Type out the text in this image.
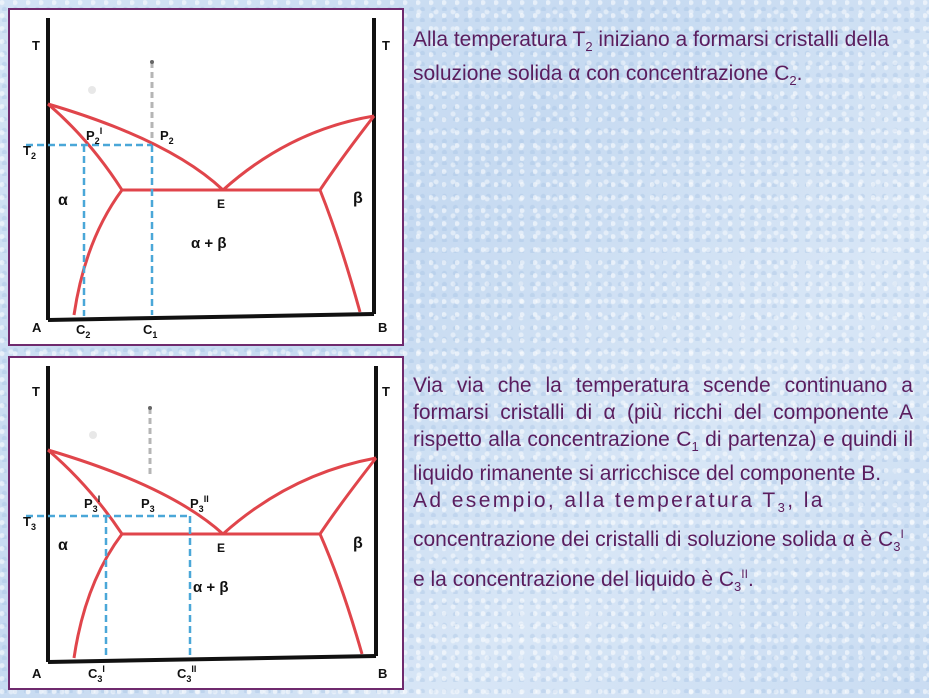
T	T
A	B
$T_2$
$P_2^I$	$P_2$
α	β
E
α + β
$C_2$	$C_1$
T	T
A	B
$T_3$
$P_3^I$	$P_3$	$P_3^{II}$
α	β
E
α + β
$C_3^I$	$C_3^{II}$

Alla temperatura $T_2$ iniziano a formarsi cristalli della soluzione solida α con concentrazione $C_2$.

Via via che la temperatura scende continuano a formarsi cristalli di α (più ricchi del componente A rispetto alla concentrazione $C_1$ di partenza) e quindi il liquido rimanente si arricchisce del componente B.

Ad esempio, alla temperatura $T_3$, la

concentrazione dei cristalli di soluzione solida α è $C_3^I$ e la concentrazione del liquido è $C_3^{II}$.
